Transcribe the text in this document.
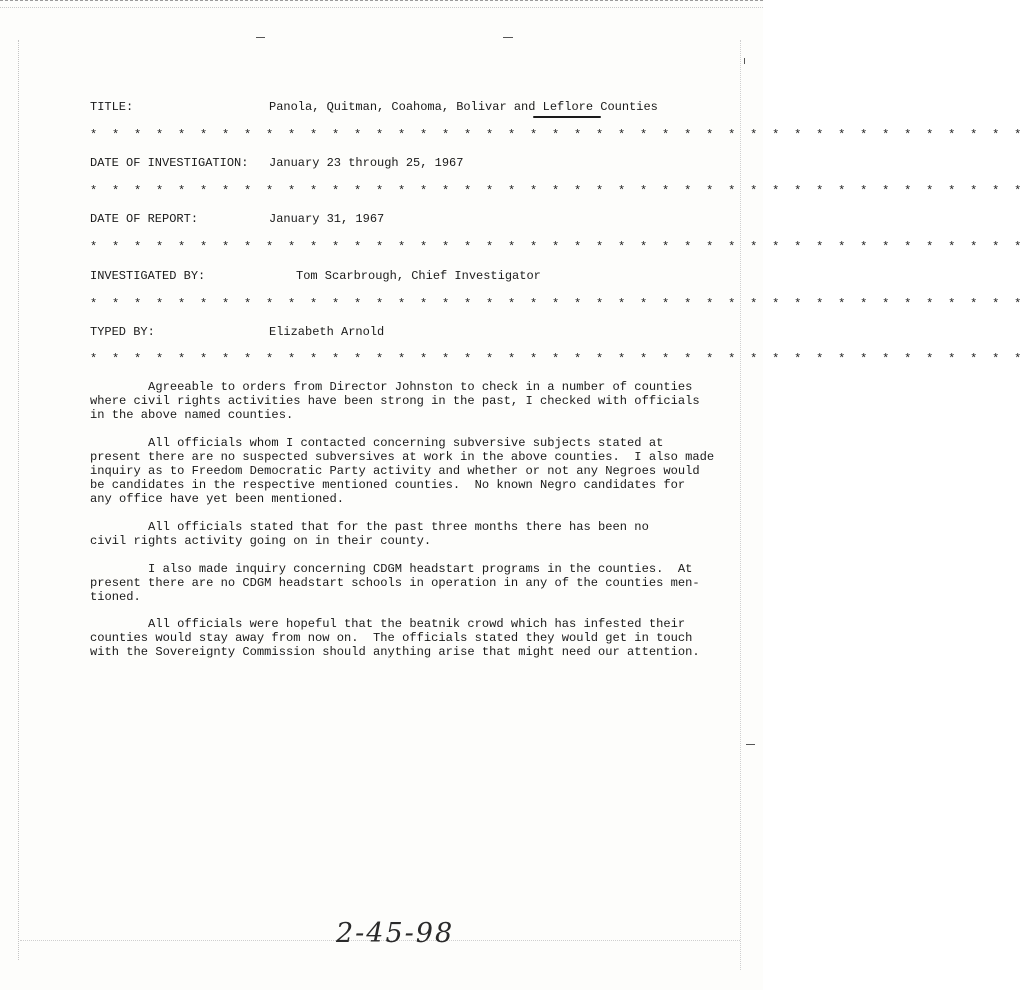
TITLE:	Panola, Quitman, Coahoma, Bolivar and Leflore Counties
* * * * * * * * * * * * * * * * * * * * * * * * * * * * * * * * * * * * * * * * * * *
DATE OF INVESTIGATION: January 23 through 25, 1967
* * * * * * * * * * * * * * * * * * * * * * * * * * * * * * * * * * * * * * * * * * *
DATE OF REPORT:	January 31, 1967
* * * * * * * * * * * * * * * * * * * * * * * * * * * * * * * * * * * * * * * * * * *
INVESTIGATED BY:	Tom Scarbrough, Chief Investigator
* * * * * * * * * * * * * * * * * * * * * * * * * * * * * * * * * * * * * * * * * * *
TYPED BY:	Elizabeth Arnold
* * * * * * * * * * * * * * * * * * * * * * * * * * * * * * * * * * * * * * * * * * *
Agreeable to orders from Director Johnston to check in a number of counties
where civil rights activities have been strong in the past, I checked with officials
in the above named counties.
All officials whom I contacted concerning subversive subjects stated at
present there are no suspected subversives at work in the above counties.  I also made
inquiry as to Freedom Democratic Party activity and whether or not any Negroes would
be candidates in the respective mentioned counties.  No known Negro candidates for
any office have yet been mentioned.
All officials stated that for the past three months there has been no
civil rights activity going on in their county.
I also made inquiry concerning CDGM headstart programs in the counties.  At
present there are no CDGM headstart schools in operation in any of the counties men-
tioned.
All officials were hopeful that the beatnik crowd which has infested their
counties would stay away from now on.  The officials stated they would get in touch
with the Sovereignty Commission should anything arise that might need our attention.
2-45-98
